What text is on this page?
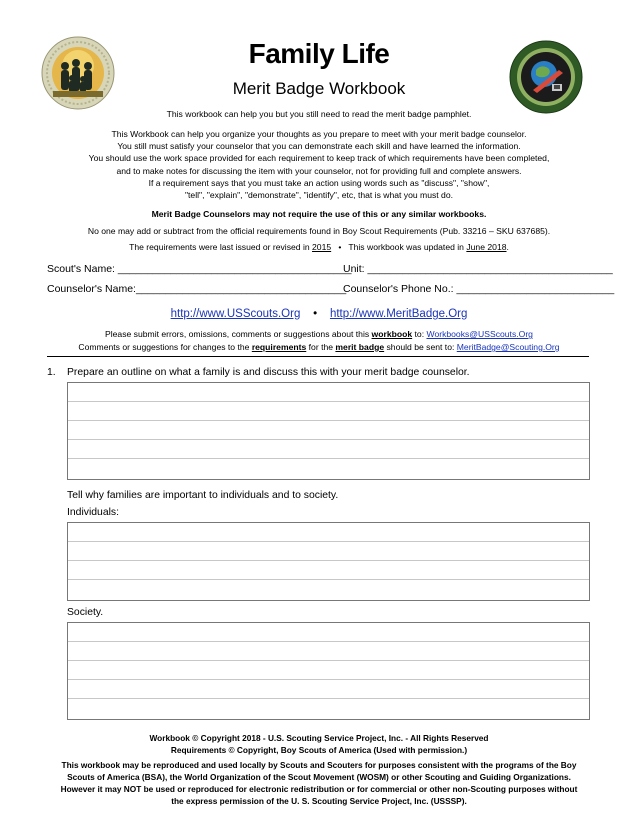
Family Life
Merit Badge Workbook
This workbook can help you but you still need to read the merit badge pamphlet.
This Workbook can help you organize your thoughts as you prepare to meet with your merit badge counselor.
You still must satisfy your counselor that you can demonstrate each skill and have learned the information.
You should use the work space provided for each requirement to keep track of which requirements have been completed,
and to make notes for discussing the item with your counselor, not for providing full and complete answers.
If a requirement says that you must take an action using words such as "discuss", "show",
"tell", "explain", "demonstrate", "identify", etc, that is what you must do.
Merit Badge Counselors may not require the use of this or any similar workbooks.
No one may add or subtract from the official requirements found in Boy Scout Requirements (Pub. 33216 – SKU 637685).
The requirements were last issued or revised in 2015 • This workbook was updated in June 2018.
Scout's Name: ________________________________________
Unit: __________________________________________
Counselor's Name:____________________________________
Counselor's Phone No.: ___________________________
http://www.USScouts.Org • http://www.MeritBadge.Org
Please submit errors, omissions, comments or suggestions about this workbook to: Workbooks@USScouts.Org
Comments or suggestions for changes to the requirements for the merit badge should be sent to: MeritBadge@Scouting.Org
1. Prepare an outline on what a family is and discuss this with your merit badge counselor.
Tell why families are important to individuals and to society.
Individuals:
Society.
Workbook © Copyright 2018 - U.S. Scouting Service Project, Inc. - All Rights Reserved
Requirements © Copyright, Boy Scouts of America (Used with permission.)
This workbook may be reproduced and used locally by Scouts and Scouters for purposes consistent with the programs of the Boy
Scouts of America (BSA), the World Organization of the Scout Movement (WOSM) or other Scouting and Guiding Organizations.
However it may NOT be used or reproduced for electronic redistribution or for commercial or other non-Scouting purposes without
the express permission of the U. S. Scouting Service Project, Inc. (USSSP).
